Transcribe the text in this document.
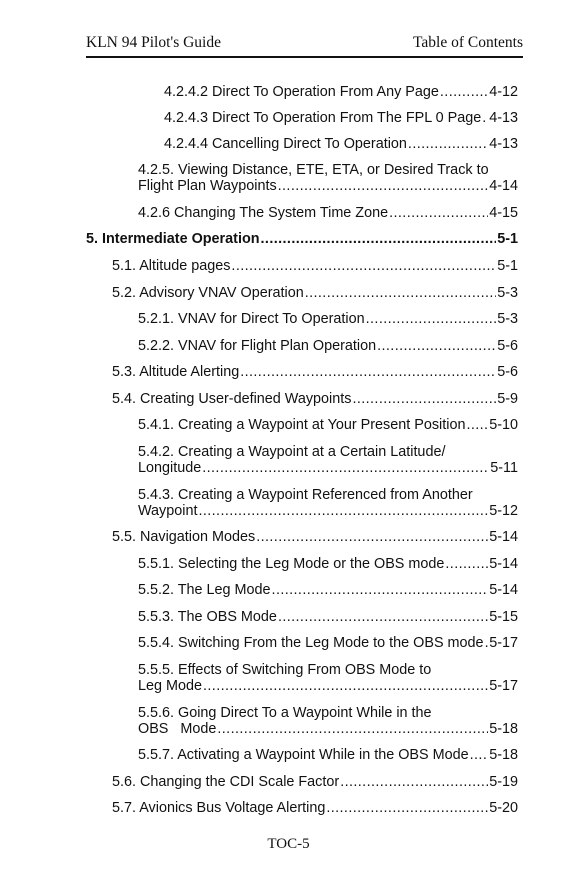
KLN 94 Pilot's Guide	Table of Contents
4.2.4.2 Direct To Operation From Any Page .....	4-12
4.2.4.3 Direct To Operation From The FPL 0 Page ..... 4-13
4.2.4.4 Cancelling Direct To Operation .....	4-13
4.2.5. Viewing Distance, ETE, ETA, or Desired Track to
Flight Plan Waypoints .....	4-14
4.2.6 Changing The System Time Zone .....	4-15
5. Intermediate Operation .....	5-1
5.1. Altitude pages .....	5-1
5.2. Advisory VNAV Operation .....	5-3
5.2.1. VNAV for Direct To Operation .....	5-3
5.2.2. VNAV for Flight Plan Operation .....	5-6
5.3. Altitude Alerting .....	5-6
5.4. Creating User-defined Waypoints .....	5-9
5.4.1. Creating a Waypoint at Your Present Position ..... 5-10
5.4.2. Creating a Waypoint at a Certain Latitude/
Longitude .....	5-11
5.4.3. Creating a Waypoint Referenced from Another
Waypoint .....	5-12
5.5. Navigation Modes .....	5-14
5.5.1. Selecting the Leg Mode or the OBS mode .....	5-14
5.5.2. The Leg Mode .....	5-14
5.5.3. The OBS Mode .....	5-15
5.5.4. Switching From the Leg Mode to the OBS mode ..... 5-17
5.5.5. Effects of Switching From OBS Mode to
Leg Mode .....	5-17
5.5.6. Going Direct To a Waypoint While in the
OBS   Mode .....	5-18
5.5.7. Activating a Waypoint While in the OBS Mode ..... 5-18
5.6. Changing the CDI Scale Factor .....	5-19
5.7. Avionics Bus Voltage Alerting .....	5-20
TOC-5
